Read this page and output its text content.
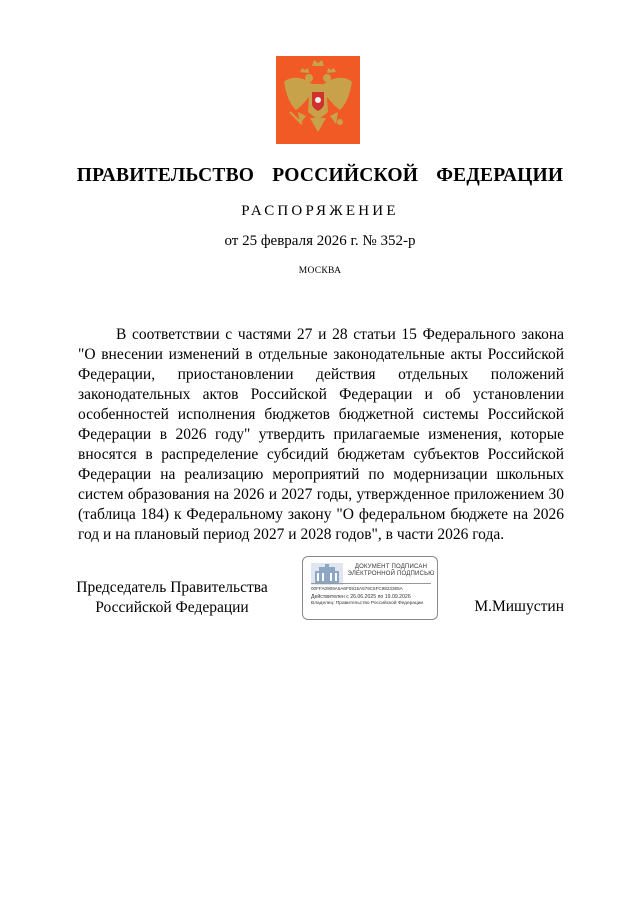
ПРАВИТЕЛЬСТВО  РОССИЙСКОЙ  ФЕДЕРАЦИИ
РАСПОРЯЖЕНИЕ
от 25 февраля 2026 г. № 352-р
МОСКВА
В соответствии с частями 27 и 28 статьи 15 Федерального закона "О внесении изменений в отдельные законодательные акты Российской Федерации, приостановлении действия отдельных положений законодательных актов Российской Федерации и об установлении особенностей исполнения бюджетов бюджетной системы Российской Федерации в 2026 году" утвердить прилагаемые изменения, которые вносятся в распределение субсидий бюджетам субъектов Российской Федерации на реализацию мероприятий по модернизации школьных систем образования на 2026 и 2027 годы, утвержденное приложением 30 (таблица 184) к Федеральному закону "О федеральном бюджете на 2026 год и на плановый период 2027 и 2028 годов", в части 2026 года.
Председатель Правительства
Российской Федерации
ДОКУМЕНТ ПОДПИСАН
ЭЛЕКТРОННОЙ ПОДПИСЬЮ
00FFA0909A5A6F0915A579C5FC9823365A
Действителен с 26.06.2025 по 19.09.2026
Владелец: Правительство Российской Федерации	М.Мишустин
